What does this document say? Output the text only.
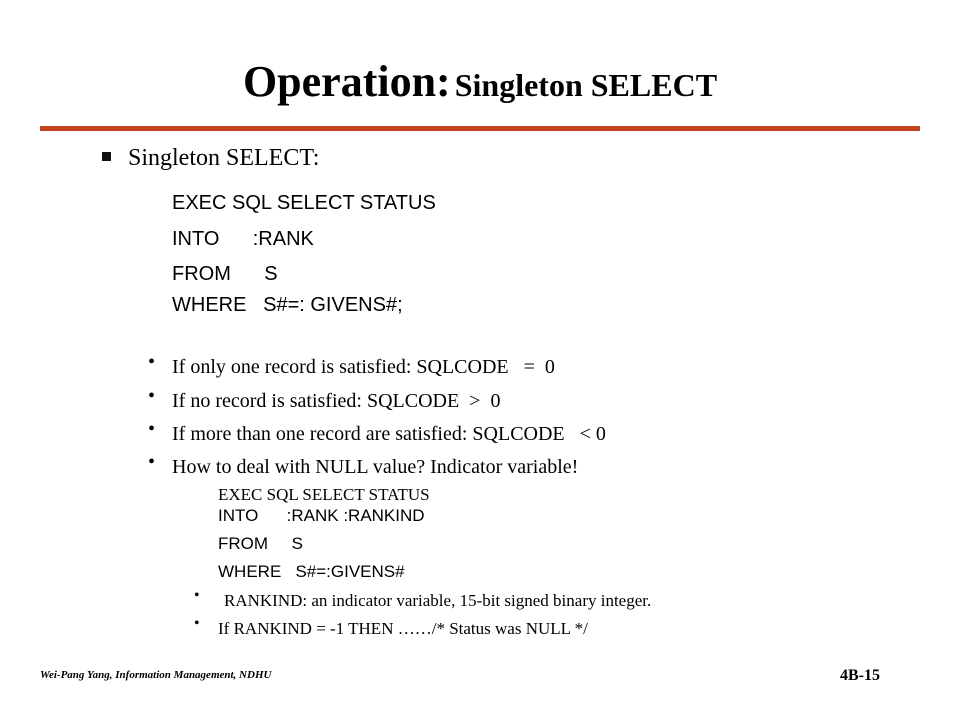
Operation: Singleton SELECT
Singleton SELECT:
EXEC SQL SELECT STATUS
INTO      :RANK
FROM      S
WHERE   S#=: GIVENS#;
• If only one record is satisfied: SQLCODE   =  0
• If no record is satisfied: SQLCODE  >  0
• If more than one record are satisfied: SQLCODE   < 0
• How to deal with NULL value? Indicator variable!
EXEC SQL SELECT STATUS
INTO      :RANK :RANKIND
FROM     S
WHERE   S#=:GIVENS#
• RANKIND: an indicator variable, 15-bit signed binary integer.
• If RANKIND = -1 THEN ……/* Status was NULL */
Wei-Pang Yang, Information Management, NDHU	4B-15
